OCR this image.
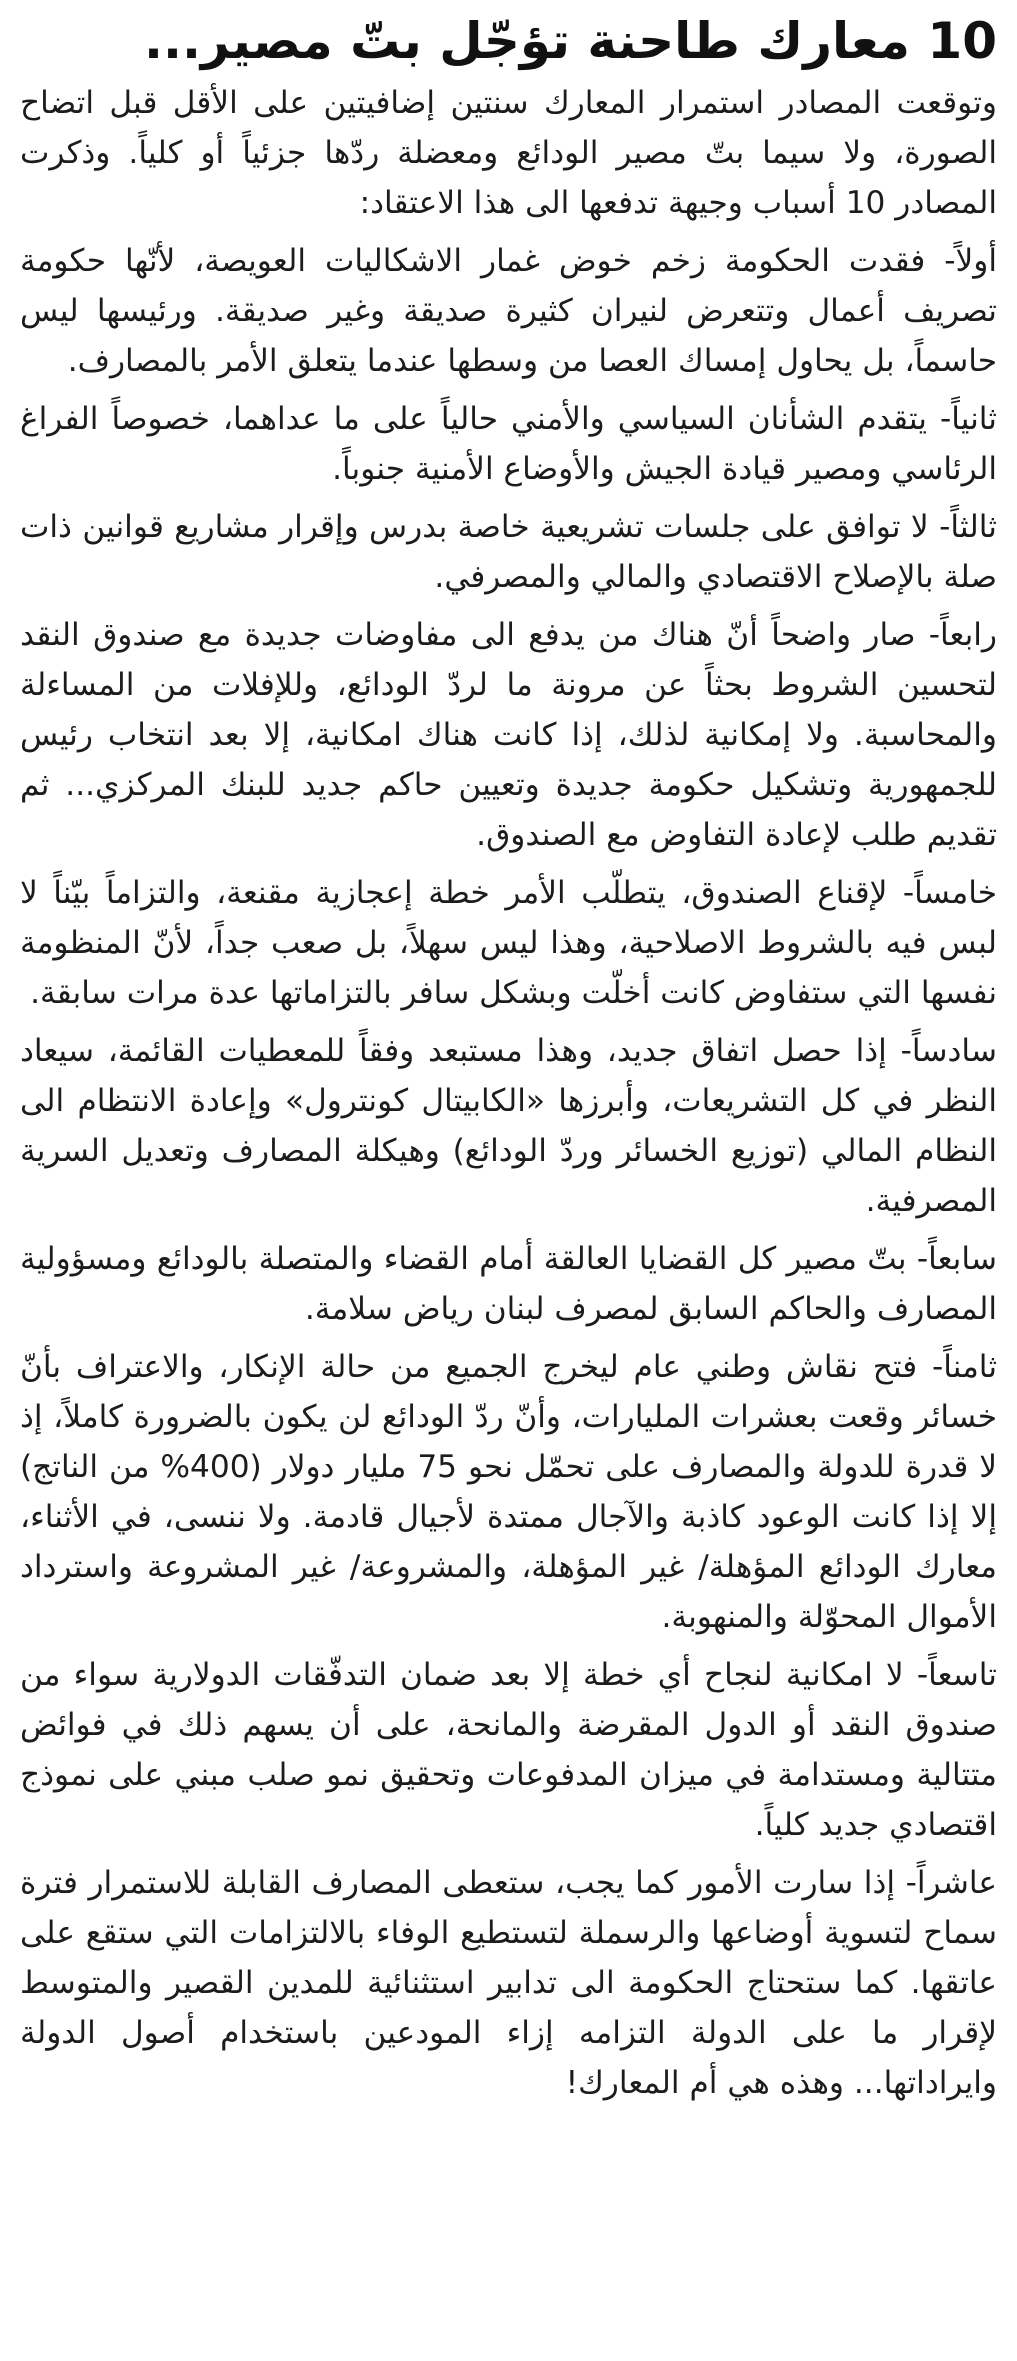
10 معارك طاحنة تؤجّل بتّ مصير...

وتوقعت المصادر استمرار المعارك سنتين إضافيتين على الأقل قبل اتضاح الصورة، ولا سيما بتّ مصير الودائع ومعضلة ردّها جزئياً أو كلياً. وذكرت المصادر 10 أسباب وجيهة تدفعها الى هذا الاعتقاد:

أولاً- فقدت الحكومة زخم خوض غمار الاشكاليات العويصة، لأنّها حكومة تصريف أعمال وتتعرض لنيران كثيرة صديقة وغير صديقة. ورئيسها ليس حاسماً، بل يحاول إمساك العصا من وسطها عندما يتعلق الأمر بالمصارف.

ثانياً- يتقدم الشأنان السياسي والأمني حالياً على ما عداهما، خصوصاً الفراغ الرئاسي ومصير قيادة الجيش والأوضاع الأمنية جنوباً.

ثالثاً- لا توافق على جلسات تشريعية خاصة بدرس وإقرار مشاريع قوانين ذات صلة بالإصلاح الاقتصادي والمالي والمصرفي.

رابعاً- صار واضحاً أنّ هناك من يدفع الى مفاوضات جديدة مع صندوق النقد لتحسين الشروط بحثاً عن مرونة ما لردّ الودائع، وللإفلات من المساءلة والمحاسبة. ولا إمكانية لذلك، إذا كانت هناك امكانية، إلا بعد انتخاب رئيس للجمهورية وتشكيل حكومة جديدة وتعيين حاكم جديد للبنك المركزي... ثم تقديم طلب لإعادة التفاوض مع الصندوق.

خامساً- لإقناع الصندوق، يتطلّب الأمر خطة إعجازية مقنعة، والتزاماً بيّناً لا لبس فيه بالشروط الاصلاحية، وهذا ليس سهلاً، بل صعب جداً، لأنّ المنظومة نفسها التي ستفاوض كانت أخلّت وبشكل سافر بالتزاماتها عدة مرات سابقة.

سادساً- إذا حصل اتفاق جديد، وهذا مستبعد وفقاً للمعطيات القائمة، سيعاد النظر في كل التشريعات، وأبرزها «الكابيتال كونترول» وإعادة الانتظام الى النظام المالي (توزيع الخسائر وردّ الودائع) وهيكلة المصارف وتعديل السرية المصرفية.

سابعاً- بتّ مصير كل القضايا العالقة أمام القضاء والمتصلة بالودائع ومسؤولية المصارف والحاكم السابق لمصرف لبنان رياض سلامة.

ثامناً- فتح نقاش وطني عام ليخرج الجميع من حالة الإنكار، والاعتراف بأنّ خسائر وقعت بعشرات المليارات، وأنّ ردّ الودائع لن يكون بالضرورة كاملاً، إذ لا قدرة للدولة والمصارف على تحمّل نحو 75 مليار دولار (400% من الناتج) إلا إذا كانت الوعود كاذبة والآجال ممتدة لأجيال قادمة. ولا ننسى، في الأثناء، معارك الودائع المؤهلة/ غير المؤهلة، والمشروعة/ غير المشروعة واسترداد الأموال المحوّلة والمنهوبة.

تاسعاً- لا امكانية لنجاح أي خطة إلا بعد ضمان التدفّقات الدولارية سواء من صندوق النقد أو الدول المقرضة والمانحة، على أن يسهم ذلك في فوائض متتالية ومستدامة في ميزان المدفوعات وتحقيق نمو صلب مبني على نموذج اقتصادي جديد كلياً.

عاشراً- إذا سارت الأمور كما يجب، ستعطى المصارف القابلة للاستمرار فترة سماح لتسوية أوضاعها والرسملة لتستطيع الوفاء بالالتزامات التي ستقع على عاتقها. كما ستحتاج الحكومة الى تدابير استثنائية للمدين القصير والمتوسط لإقرار ما على الدولة التزامه إزاء المودعين باستخدام أصول الدولة وايراداتها... وهذه هي أم المعارك!
